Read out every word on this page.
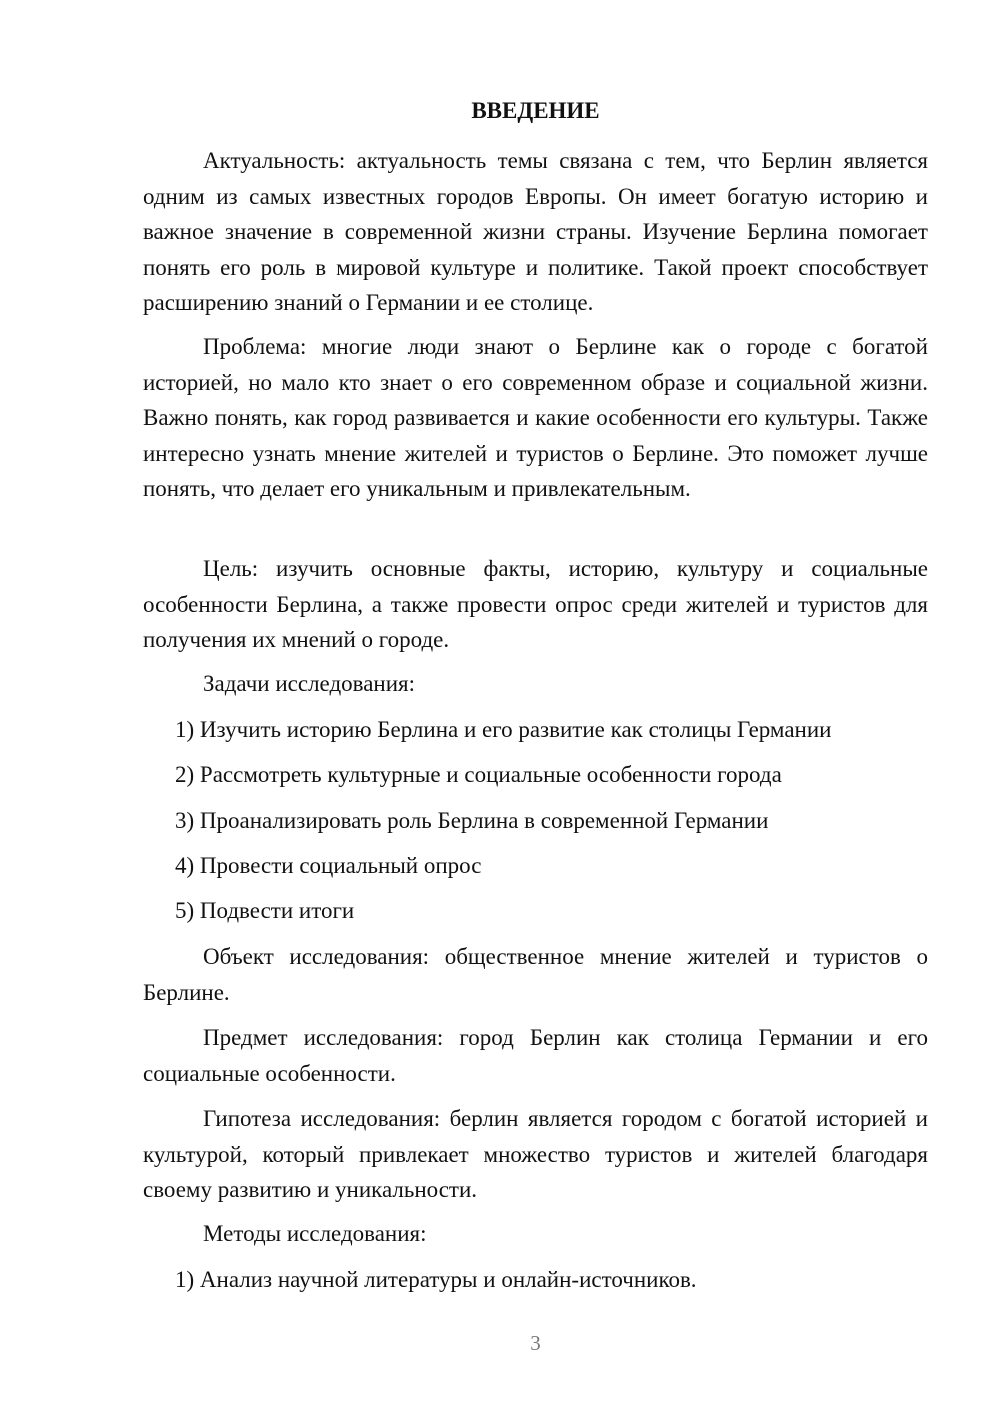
ВВЕДЕНИЕ

Актуальность: актуальность темы связана с тем, что Берлин является одним из самых известных городов Европы. Он имеет богатую историю и важное значение в современной жизни страны. Изучение Берлина помогает понять его роль в мировой культуре и политике. Такой проект способствует расширению знаний о Германии и ее столице.

Проблема: многие люди знают о Берлине как о городе с богатой историей, но мало кто знает о его современном образе и социальной жизни. Важно понять, как город развивается и какие особенности его культуры. Также интересно узнать мнение жителей и туристов о Берлине. Это поможет лучше понять, что делает его уникальным и привлекательным.

Цель: изучить основные факты, историю, культуру и социальные особенности Берлина, а также провести опрос среди жителей и туристов для получения их мнений о городе.

Задачи исследования:

1) Изучить историю Берлина и его развитие как столицы Германии

2) Рассмотреть культурные и социальные особенности города

3) Проанализировать роль Берлина в современной Германии

4) Провести социальный опрос

5) Подвести итоги

Объект исследования: общественное мнение жителей и туристов о Берлине.

Предмет исследования: город Берлин как столица Германии и его социальные особенности.

Гипотеза исследования: берлин является городом с богатой историей и культурой, который привлекает множество туристов и жителей благодаря своему развитию и уникальности.

Методы исследования:

1) Анализ научной литературы и онлайн-источников.

3
